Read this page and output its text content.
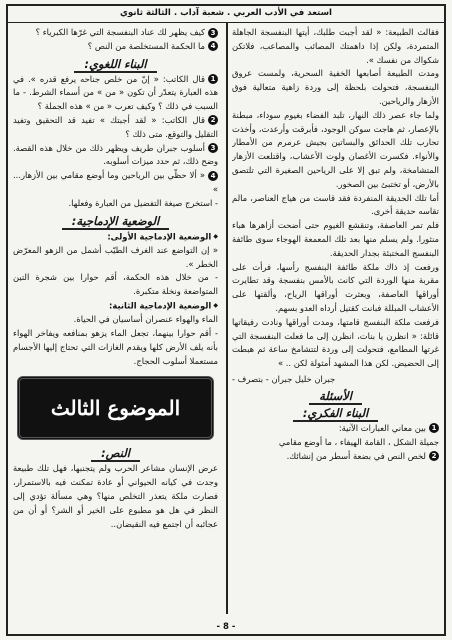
استعد في الأدب العربي . شعبة آداب . الثالثة ثانوي

فقالت الطبيعة: « لقد أجبت طلبك، أيتها البنفسجة الجاهلة المتمردة، ولكن إذا داهمتك المصائب والمصاعب، فلاتكن شكواك من نفسك ».

ومدت الطبيعة أصابعها الخفية السحرية، ولمست عروق البنفسجة، فتحولت بلحظة إلى وردة زاهية متعالية فوق الأزهار والرياحين.

ولما جاء عصر ذلك النهار، تلبد الفضاء بغيوم سوداء، مبطنة بالإعصار، ثم هاجت سوكن الوجود، فأبرقت وأرعدت، وأخذت تحارب تلك الحدائق والبساتين بجيش عرمرم من الأمطار والأنواء. فكسرت الأغصان ولوت الأعشاب، واقتلعت الأزهار المتشامخة، ولم تبق إلا على الرياحين الصغيرة التي تلتصق بالأرض، أو تختبئ بين الصخور.

أما تلك الحديقة المنفردة فقد قاست من هياج العناصر، مالم تقاسه حديقة أخرى.

فلم تمر العاصفة، وتنقشع الغيوم حتى أضحت أزاهرها هباء منثورا. ولم يسلم منها بعد تلك المعمعة الهوجاء سوى طائفة البنفسج المختبئة بجدار الحديقة.

ورفعت إذ ذاك ملكة طائفة البنفسج رأسها، فرأت على مقربة منها الوردة التي كانت بالأمس بنفسجة وقد تطايرت أوراقها العاصفة، وبعثرت أوراقها الرياح، وألقتها على الأعشاب المبللة فبانت كقتيل أرداه العدو بسهم.

فرفعت ملكة البنفسج قامتها، ومدت أوراقها ونادت رفيقاتها قائلة: « انظرن يا بنات، انظرن إلى ما فعلت البنفسجة التي غرتها المطامع، فتحولت إلى وردة لتتشامخ ساعة ثم هبطت إلى الحضيض. لكن هذا المشهد أمثولة لكن .. »

جبران خليل جبران - بتصرف -
الأسئلة
البناء الفكري:
1بين معاني العبارات الآتية:
جميلة الشكل ، القامة الهيفاء ، ما أوضع مقامي
2لخص النص في بضعة أسطر من إنشائك.
3كيف يظهر لك عناد البنفسجة التي غرّها الكبرياء ؟
4ما الحكمة المستخلصة من النص ؟
البناء اللغوي:
1قال الكاتب: « إنّ من خلص جناحه يرفع قدره ». في هذه العبارة يتعدّر أن تكون « من » من أسماء الشرط. - ما السبب في ذلك ؟ وكيف تعرب « من » هذه الجملة ؟
2قال الكاتب: « لقد أجبتك » تفيد قد التحقيق وتفيد التقليل والتوقع. متى ذلك ؟
3أسلوب جبران طريف ويظهر ذلك من خلال هذه القصة. وضح ذلك، ثم حدد ميزات أسلوبه.
4« ألا حظّي بين الرياحين وما أوضع مقامي بين الأزهار... »
- استخرج صيغة التفضيل من العبارة وفعلها.
الوضعية الإدماجية:
◆ الوضعية الإدماجية الأولى:
« إن التواضع عند الغرف الطيّب أشمل من الزهو المعرّض الخطر ».
- من خلال هذه الحكمة، أقم حوارا بين شجرة التين المتواضعة ونخلة متكبرة.
◆ الوضعية الإدماجية الثانية:
الماء والهواء عنصران أساسيان في الحياة.
- أقم حوارا بينهما، تجعل الماء يزهو بمنافعه ويفاخر الهواء بأنه يلف الأرض كلها ويقدم الغازات التي تحتاج إليها الأجسام مستعملا أسلوب الحجاج.
الموضوع الثالث
النص:

عرض الإنسان مشاعر الحرب ولم يتجنبها، فهل تلك طبيعة وجدت في كيانه الحيواني أو عادة تمكنت فيه بالاستمرار، فصارت ملكة يتعذر التخلص منها؟ وهي مسألة تؤدي إلى النظر في هل هو مطبوع على الخير أو الشر؟ أو أن من عجائبه أن اجتمع فيه النقيضان..

- 8 -
